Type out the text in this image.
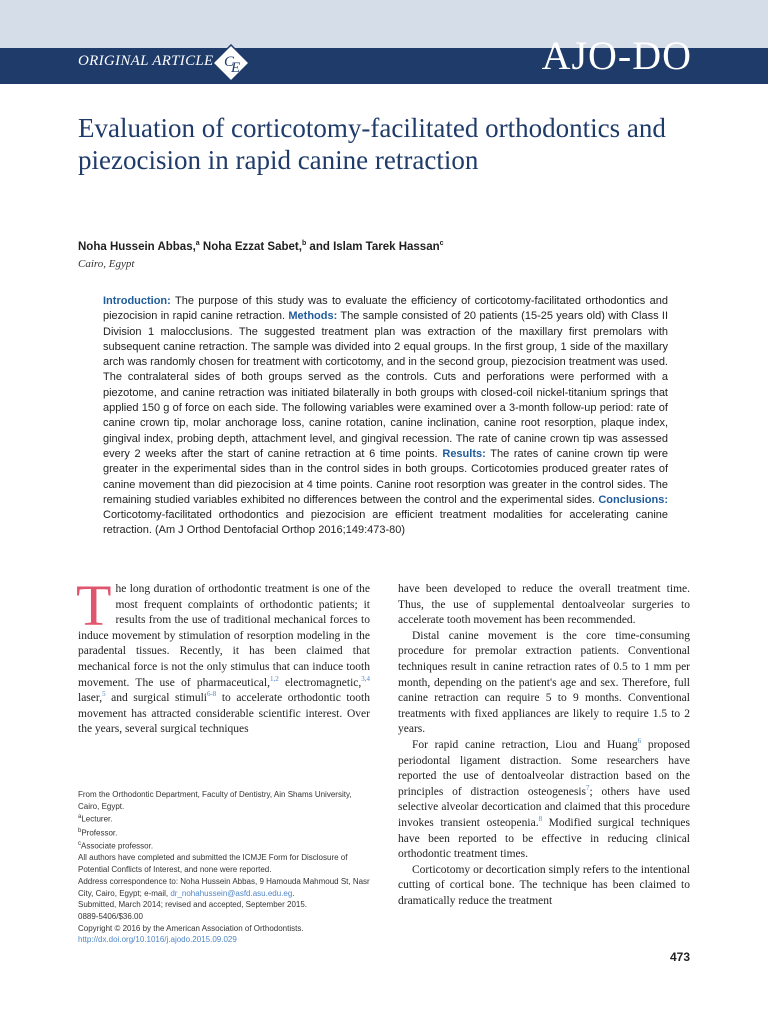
ORIGINAL ARTICLE C
E	AJO-DO
Evaluation of corticotomy-facilitated orthodontics and piezocision in rapid canine retraction
Noha Hussein Abbas,$^a$ Noha Ezzat Sabet,$^b$ and Islam Tarek Hassan$^c$
Cairo, Egypt

Introduction: The purpose of this study was to evaluate the efficiency of corticotomy-facilitated orthodontics and piezocision in rapid canine retraction. Methods: The sample consisted of 20 patients (15-25 years old) with Class II Division 1 malocclusions. The suggested treatment plan was extraction of the maxillary first premolars with subsequent canine retraction. The sample was divided into 2 equal groups. In the first group, 1 side of the maxillary arch was randomly chosen for treatment with corticotomy, and in the second group, piezocision treatment was used. The contralateral sides of both groups served as the controls. Cuts and perforations were performed with a piezotome, and canine retraction was initiated bilaterally in both groups with closed-coil nickel-titanium springs that applied 150 g of force on each side. The following variables were examined over a 3-month follow-up period: rate of canine crown tip, molar anchorage loss, canine rotation, canine inclination, canine root resorption, plaque index, gingival index, probing depth, attachment level, and gingival recession. The rate of canine crown tip was assessed every 2 weeks after the start of canine retraction at 6 time points. Results: The rates of canine crown tip were greater in the experimental sides than in the control sides in both groups. Corticotomies produced greater rates of canine movement than did piezocision at 4 time points. Canine root resorption was greater in the control sides. The remaining studied variables exhibited no differences between the control and the experimental sides. Conclusions: Corticotomy-facilitated orthodontics and piezocision are efficient treatment modalities for accelerating canine retraction. (Am J Orthod Dentofacial Orthop 2016;149:473-80)

The long duration of orthodontic treatment is one of the most frequent complaints of orthodontic patients; it results from the use of traditional mechanical forces to induce movement by stimulation of resorption modeling in the paradental tissues. Recently, it has been claimed that mechanical force is not the only stimulus that can induce tooth movement. The use of pharmaceutical,$^{1,2}$ electromagnetic,$^{3,4}$ laser,$^5$ and surgical stimuli$^{6-8}$ to accelerate orthodontic tooth movement has attracted considerable scientific interest. Over the years, several surgical techniques

From the Orthodontic Department, Faculty of Dentistry, Ain Shams University,
Cairo, Egypt.
$^a$Lecturer.
$^b$Professor.
$^c$Associate professor.
All authors have completed and submitted the ICMJE Form for Disclosure of
Potential Conflicts of Interest, and none were reported.
Address correspondence to: Noha Hussein Abbas, 9 Hamouda Mahmoud St, Nasr
City, Cairo, Egypt; e-mail, dr_nohahussein@asfd.asu.edu.eg.
Submitted, March 2014; revised and accepted, September 2015.
0889-5406/$36.00
Copyright © 2016 by the American Association of Orthodontists.
http://dx.doi.org/10.1016/j.ajodo.2015.09.029

have been developed to reduce the overall treatment time. Thus, the use of supplemental dentoalveolar surgeries to accelerate tooth movement has been recommended.

Distal canine movement is the core time-consuming procedure for premolar extraction patients. Conventional techniques result in canine retraction rates of 0.5 to 1 mm per month, depending on the patient's age and sex. Therefore, full canine retraction can require 5 to 9 months. Conventional treatments with fixed appliances are likely to require 1.5 to 2 years.

For rapid canine retraction, Liou and Huang$^6$ proposed periodontal ligament distraction. Some researchers have reported the use of dentoalveolar distraction based on the principles of distraction osteogenesis$^7$; others have used selective alveolar decortication and claimed that this procedure invokes transient osteopenia.$^8$ Modified surgical techniques have been reported to be effective in reducing clinical orthodontic treatment times.

Corticotomy or decortication simply refers to the intentional cutting of cortical bone. The technique has been claimed to dramatically reduce the treatment

473
